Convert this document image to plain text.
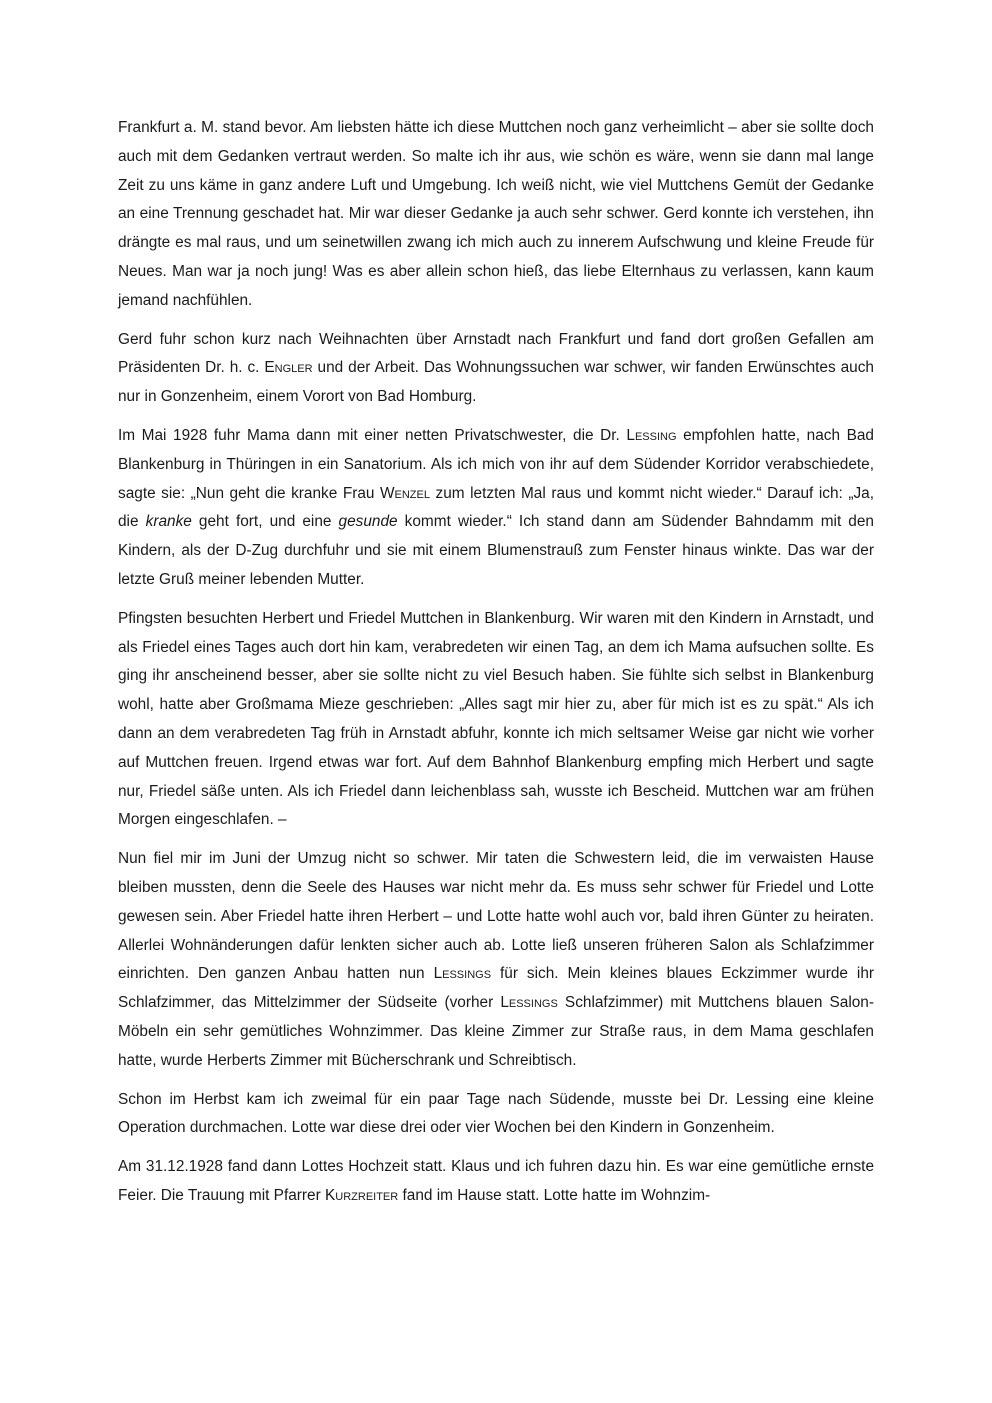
Frankfurt a. M. stand bevor. Am liebsten hätte ich diese Muttchen noch ganz verheimlicht – aber sie sollte doch auch mit dem Gedanken vertraut werden. So malte ich ihr aus, wie schön es wäre, wenn sie dann mal lange Zeit zu uns käme in ganz andere Luft und Umgebung. Ich weiß nicht, wie viel Muttchens Gemüt der Gedanke an eine Trennung geschadet hat. Mir war dieser Gedanke ja auch sehr schwer. Gerd konnte ich verstehen, ihn drängte es mal raus, und um seinetwillen zwang ich mich auch zu innerem Aufschwung und kleine Freude für Neues. Man war ja noch jung! Was es aber allein schon hieß, das liebe Elternhaus zu verlassen, kann kaum jemand nachfühlen.

Gerd fuhr schon kurz nach Weihnachten über Arnstadt nach Frankfurt und fand dort großen Gefallen am Präsidenten Dr. h. c. Engler und der Arbeit. Das Wohnungssuchen war schwer, wir fanden Erwünschtes auch nur in Gonzenheim, einem Vorort von Bad Homburg.

Im Mai 1928 fuhr Mama dann mit einer netten Privatschwester, die Dr. Lessing empfohlen hatte, nach Bad Blankenburg in Thüringen in ein Sanatorium. Als ich mich von ihr auf dem Südender Korridor verabschiedete, sagte sie: „Nun geht die kranke Frau Wenzel zum letzten Mal raus und kommt nicht wieder.“ Darauf ich: „Ja, die kranke geht fort, und eine gesunde kommt wieder.“ Ich stand dann am Südender Bahndamm mit den Kindern, als der D-Zug durchfuhr und sie mit einem Blumenstrauß zum Fenster hinaus winkte. Das war der letzte Gruß meiner lebenden Mutter.

Pfingsten besuchten Herbert und Friedel Muttchen in Blankenburg. Wir waren mit den Kindern in Arnstadt, und als Friedel eines Tages auch dort hin kam, verabredeten wir einen Tag, an dem ich Mama aufsuchen sollte. Es ging ihr anscheinend besser, aber sie sollte nicht zu viel Besuch haben. Sie fühlte sich selbst in Blankenburg wohl, hatte aber Großmama Mieze geschrieben: „Alles sagt mir hier zu, aber für mich ist es zu spät.“ Als ich dann an dem verabredeten Tag früh in Arnstadt abfuhr, konnte ich mich seltsamer Weise gar nicht wie vorher auf Muttchen freuen. Irgend etwas war fort. Auf dem Bahnhof Blankenburg empfing mich Herbert und sagte nur, Friedel säße unten. Als ich Friedel dann leichenblass sah, wusste ich Bescheid. Muttchen war am frühen Morgen eingeschlafen. –

Nun fiel mir im Juni der Umzug nicht so schwer. Mir taten die Schwestern leid, die im verwaisten Hause bleiben mussten, denn die Seele des Hauses war nicht mehr da. Es muss sehr schwer für Friedel und Lotte gewesen sein. Aber Friedel hatte ihren Herbert – und Lotte hatte wohl auch vor, bald ihren Günter zu heiraten. Allerlei Wohnänderungen dafür lenkten sicher auch ab. Lotte ließ unseren früheren Salon als Schlafzimmer einrichten. Den ganzen Anbau hatten nun Lessings für sich. Mein kleines blaues Eckzimmer wurde ihr Schlafzimmer, das Mittelzimmer der Südseite (vorher Lessings Schlafzimmer) mit Muttchens blauen Salon-Möbeln ein sehr gemütliches Wohnzimmer. Das kleine Zimmer zur Straße raus, in dem Mama geschlafen hatte, wurde Herberts Zimmer mit Bücherschrank und Schreibtisch.

Schon im Herbst kam ich zweimal für ein paar Tage nach Südende, musste bei Dr. Lessing eine kleine Operation durchmachen. Lotte war diese drei oder vier Wochen bei den Kindern in Gonzenheim.

Am 31.12.1928 fand dann Lottes Hochzeit statt. Klaus und ich fuhren dazu hin. Es war eine gemütliche ernste Feier. Die Trauung mit Pfarrer Kurzreiter fand im Hause statt. Lotte hatte im Wohnzim-
